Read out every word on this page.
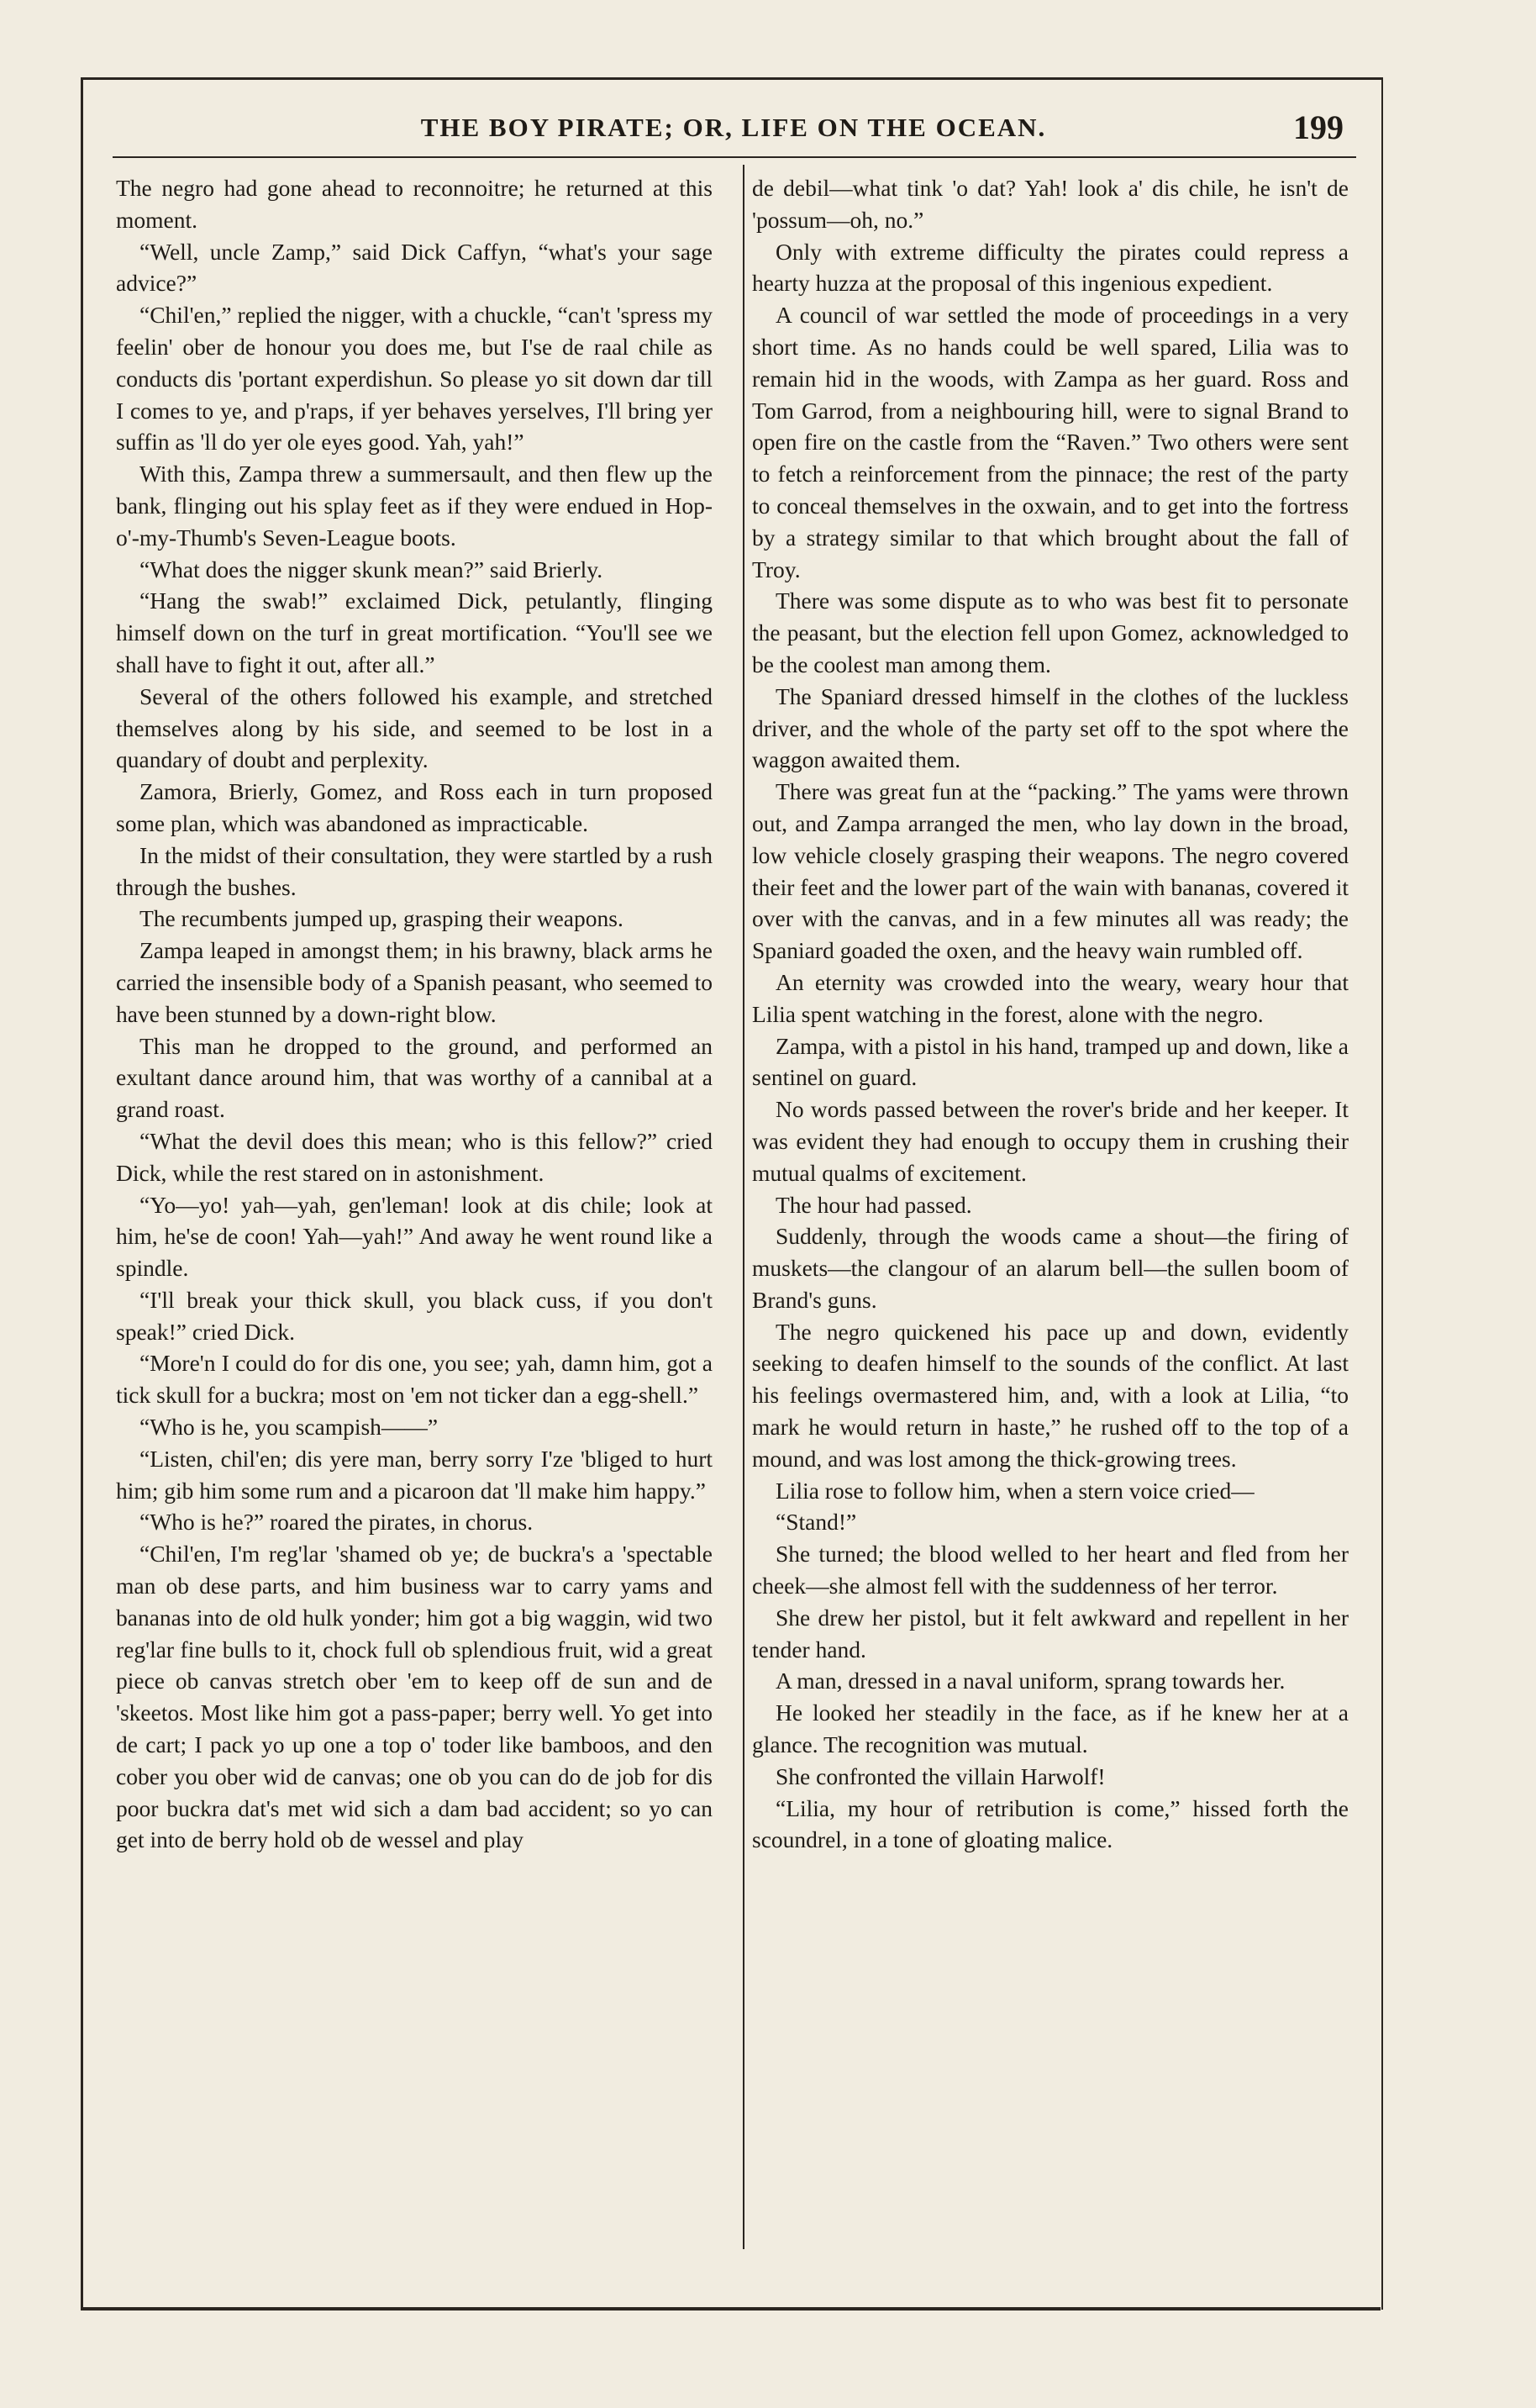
THE BOY PIRATE; OR, LIFE ON THE OCEAN.	199

The negro had gone ahead to reconnoitre; he returned at this moment.

“Well, uncle Zamp,” said Dick Caffyn, “what's your sage advice?”

“Chil'en,” replied the nigger, with a chuckle, “can't 'spress my feelin' ober de honour you does me, but I'se de raal chile as conducts dis 'portant experdishun. So please yo sit down dar till I comes to ye, and p'raps, if yer behaves yerselves, I'll bring yer suffin as 'll do yer ole eyes good. Yah, yah!”

With this, Zampa threw a summersault, and then flew up the bank, flinging out his splay feet as if they were endued in Hop-o'-my-Thumb's Seven-League boots.

“What does the nigger skunk mean?” said Brierly.

“Hang the swab!” exclaimed Dick, petulantly, flinging himself down on the turf in great mortification. “You'll see we shall have to fight it out, after all.”

Several of the others followed his example, and stretched themselves along by his side, and seemed to be lost in a quandary of doubt and perplexity.

Zamora, Brierly, Gomez, and Ross each in turn proposed some plan, which was abandoned as impracticable.

In the midst of their consultation, they were startled by a rush through the bushes.

The recumbents jumped up, grasping their weapons.

Zampa leaped in amongst them; in his brawny, black arms he carried the insensible body of a Spanish peasant, who seemed to have been stunned by a down-right blow.

This man he dropped to the ground, and performed an exultant dance around him, that was worthy of a cannibal at a grand roast.

“What the devil does this mean; who is this fellow?” cried Dick, while the rest stared on in astonishment.

“Yo—yo! yah—yah, gen'leman! look at dis chile; look at him, he'se de coon! Yah—yah!” And away he went round like a spindle.

“I'll break your thick skull, you black cuss, if you don't speak!” cried Dick.

“More'n I could do for dis one, you see; yah, damn him, got a tick skull for a buckra; most on 'em not ticker dan a egg-shell.”

“Who is he, you scampish——”

“Listen, chil'en; dis yere man, berry sorry I'ze 'bliged to hurt him; gib him some rum and a picaroon dat 'll make him happy.”

“Who is he?” roared the pirates, in chorus.

“Chil'en, I'm reg'lar 'shamed ob ye; de buckra's a 'spectable man ob dese parts, and him business war to carry yams and bananas into de old hulk yonder; him got a big waggin, wid two reg'lar fine bulls to it, chock full ob splendious fruit, wid a great piece ob canvas stretch ober 'em to keep off de sun and de 'skeetos. Most like him got a pass-paper; berry well. Yo get into de cart; I pack yo up one a top o' toder like bamboos, and den cober you ober wid de canvas; one ob you can do de job for dis poor buckra dat's met wid sich a dam bad accident; so yo can get into de berry hold ob de wessel and play

de debil—what tink 'o dat? Yah! look a' dis chile, he isn't de 'possum—oh, no.”

Only with extreme difficulty the pirates could repress a hearty huzza at the proposal of this ingenious expedient.

A council of war settled the mode of proceedings in a very short time. As no hands could be well spared, Lilia was to remain hid in the woods, with Zampa as her guard. Ross and Tom Garrod, from a neighbouring hill, were to signal Brand to open fire on the castle from the “Raven.” Two others were sent to fetch a reinforcement from the pinnace; the rest of the party to conceal themselves in the oxwain, and to get into the fortress by a strategy similar to that which brought about the fall of Troy.

There was some dispute as to who was best fit to personate the peasant, but the election fell upon Gomez, acknowledged to be the coolest man among them.

The Spaniard dressed himself in the clothes of the luckless driver, and the whole of the party set off to the spot where the waggon awaited them.

There was great fun at the “packing.” The yams were thrown out, and Zampa arranged the men, who lay down in the broad, low vehicle closely grasping their weapons. The negro covered their feet and the lower part of the wain with bananas, covered it over with the canvas, and in a few minutes all was ready; the Spaniard goaded the oxen, and the heavy wain rumbled off.

An eternity was crowded into the weary, weary hour that Lilia spent watching in the forest, alone with the negro.

Zampa, with a pistol in his hand, tramped up and down, like a sentinel on guard.

No words passed between the rover's bride and her keeper. It was evident they had enough to occupy them in crushing their mutual qualms of excitement.

The hour had passed.

Suddenly, through the woods came a shout—the firing of muskets—the clangour of an alarum bell—the sullen boom of Brand's guns.

The negro quickened his pace up and down, evidently seeking to deafen himself to the sounds of the conflict. At last his feelings overmastered him, and, with a look at Lilia, “to mark he would return in haste,” he rushed off to the top of a mound, and was lost among the thick-growing trees.

Lilia rose to follow him, when a stern voice cried—

“Stand!”

She turned; the blood welled to her heart and fled from her cheek—she almost fell with the suddenness of her terror.

She drew her pistol, but it felt awkward and repellent in her tender hand.

A man, dressed in a naval uniform, sprang towards her.

He looked her steadily in the face, as if he knew her at a glance. The recognition was mutual.

She confronted the villain Harwolf!

“Lilia, my hour of retribution is come,” hissed forth the scoundrel, in a tone of gloating malice.
